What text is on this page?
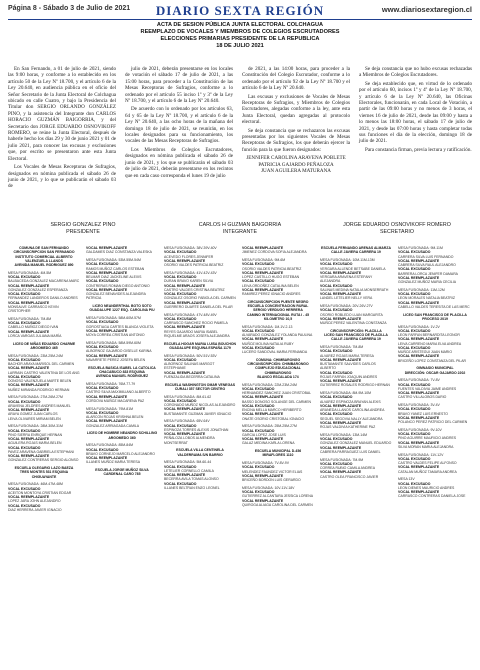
Página 8 - Sábado 3 de Julio de 2021	DIARIO SEXTA REGIÓN	www.diariosextaregion.cl
ACTA DE SESION PÚBLICA JUNTA ELECTORAL COLCHAGUA
REEMPLAZO DE VOCALES Y MIEMBROS DE COLEGIOS ESCRUTADORES
ELECCIONES PRIMARIAS PRESIDENTE DE LA REPUBLICA
18 DE JULIO 2021

En San Fernando, a 01 de julio de 2021, siendo las 9:00 horas, y conforme a lo establecido en los artículo 50 de la Ley Nº 18.700, y el artículo 6 de la Ley 20.640, en audiencia pública en el oficio del Señor Secretario de la Junta Electoral de Colchagua ubicado en calle Cuatro, y bajo la Presidencia del Titular don SERGIO ORLANDO GONZÁLEZ PINO, y la asistencia del Integrante don CARLOS HORACIO GUZMÁN BAIGORRIA, y del Secretario don JORGE EDUARDO OSNOVIKOFF ROMERO, se reúne la Junta Electoral, después de haberle hecho los días 29 y 30 de junio 2021 y 01 de julio 2021, para conocer las excusas y exclusiones que, por escrito se presentaron ante esta Junta Electoral.

Los Vocales de Mesas Receptoras de Sufragios, designados en nómina publicada el sábado 26 de junio de 2021, y lo que se publicarán el sábado 03 de

julio de 2021, deberán presentarse en los locales de votación el sábado 17 de julio de 2021, a las 15:00 horas, para proceder a la Constitución de las Mesas Receptoras de Sufragios, conforme a lo ordenado por el artículo 55 inciso 1º y 3º de la Ley Nº 18.700, y el artículo 6 de la Ley Nº 20.640.

De acuerdo con lo ordenado por los artículos 63, 64 y 65 de la Ley Nº 18.700, y el artículo 6 de la Ley Nº 20.640, a las ocho horas de la mañana del domingo 18 de julio de 2021, se reunirán, en los locales designados para su funcionamiento, los vocales de las Mesas Receptoras de Sufragios.

Los Miembros de Colegios Escrutadores, designados en nómina publicada el sábado 26 de junio de 2021, y los que se publicarán el sábado 03 de julio de 2021, deberán presentarse en los recintos que en cada caso corresponda el lunes 19 de julio

de 2021, a las 14:00 horas, para proceder a la Constitución del Colegio Escrutador, conforme a lo ordenado por el artículo 92 de la Ley Nº 18.700 y el artículo 6 de la Ley Nº 20.640.

Las excusas y exclusiones de Vocales de Mesas Receptoras de Sufragios, y Miembros de Colegios Escrutadores, alegadas conforme a la ley, ante esta Junta Electoral, quedan agregadas al protocolo electoral.

Se deja constancia que se rechazaron las excusas presentadas por los siguientes Vocales de Mesas Receptoras de Sufragios, los que deberán ejercer la función para la que fueron designados:

JENNIFER CAROLINA ARAVENA POBLETE

PATRICIA GAJARDO PEÑALOZA

JUAN AGUILERA MATURANA

Se deja constancia que no hubo excusas rechazadas a Miembros de Colegios Escrutadores.

Se deja establecido que, en virtud de lo ordenado por el artículo 60, incisos 1º y 4º de la Ley Nº 18.700, y artículo 6 de la Ley Nº 20.640, las Oficinas Electorales, funcionarán, en cada Local de Votación, a partir de las 09:00 horas y no menos de 3 horas, el viernes 16 de julio de 2021, desde las 09:00 y hasta a lo menos las 18:00 horas, el sábado 17 de julio de 2021, y desde las 07:00 horas y hasta completar todas sus funciones el día de la elección, domingo 18 de julio de 2021.

Para constancia firman, previa lectura y ratificación.

SERGIO GONZALEZ PINO
PRESIDENTE
CARLOS H GUZMAN BAIGORRIA
INTEGRANTE
JORGE EDUARDO OSNOVIKOFF ROMERO
SECRETARIO
COMUNA DE SAN FERNANDO
CIRCUNSCRIPCION SAN FERNANDO
INSTITUTO COMERCIAL ALBERTO VALENZUELA LLANOS
AVENIDA MANUEL RODRIGUEZ 890
MESA FUSIONADA: 4M-5M
VOCAL EXCUSADO
BALBACEDA GONZALEZ MACARENA MARC
VOCAL REEMPLAZANTE
GONZALEZ GONZALEZ ESPERANZA
VOCAL EXCUSADO
FERNANDEZ LANDEROS DANILO ANDRES
VOCAL REEMPLAZANTE
MONSALVE CARRASCO KEVIN CRISTOPHER
MESA FUSIONADA: 7M-8M
VOCAL EXCUSADO
CABELLO MUÑOZ DIEGO IVAN
VOCAL REEMPLAZANTE
LORCA VARGAS JULIANA MARÍA
LICEO DE NIÑAS EDUARDO CHARME
ARGOMEDO 465
MESA FUSIONADA: 23M-25M-24M
VOCAL EXCUSADO
BACHOR ARAYA MARISOL DEL CARMEN
VOCAL REEMPLAZANTE
LARRAIN CASTRO VALENTINA DE LOS ANG
VOCAL EXCUSADO
DONOSO VALENZUELA MARTE BELEN
VOCAL REEMPLAZANTE
NUÑEZ MIRANDA RODRIGO HERNAN
MESA FUSIONADA: 27M-26M-27M
VOCAL EXCUSADO
ARAVENA JELDRES ANDRES MANUEL
VOCAL REEMPLAZANTE
ARAYA GOMEZ JUAN CARLOS
LEIVA OLIVARES MIRIAM BELEN
MESA FUSIONADA: 28M-30M-31M
VOCAL EXCUSADO
PINO SIERRA ENRIQUE HERNAN
VOCAL REEMPLAZANTE
AGUILERA ROJAS MARIA BELEN
VOCAL EXCUSADO
PAVEZ ARAVENA GABRIELA ESTEPHANI
VOCAL REEMPLAZANTE
GONZALEZ CONTRERAS SERGIO ALONSO
ESCUELA OLEGARIO LAZO BAEZA
TRES MONTES 531 ESQUINA CHIGUAYANTE
MESA FUSIONADA: 46M-47M-48M
VOCAL EXCUSADO
ACEITON MONTOYA CRISTIAN EDGAR
VOCAL REEMPLAZANTE
LOPEZ JARA JOHN ALEJANDRO
VOCAL EXCUSADO
DIAZ HERRERA JAVIER IGNACIO
VOCAL REEMPLAZANTE
GALDAMES DIAZ CONSTANZA VALESKA
MESA FUSIONADA: 53M-55M-54M
VOCAL EXCUSADO
RAMOS MUÑOZ CARLOS ESTEBAN
VOCAL REEMPLAZANTE
BELMAR DIAZ JACKELINE ALEXIS
VOCAL EXCUSADO
CONTRERAS ROMAN DIEGO ANTONIO
VOCAL REEMPLAZANTE
GONZALEZ BENAVIDES ALEJANDRA PATRICIA
LICEO NEANDERTHAL BOTO SOTO
GUADALUPE 1227 ESQ. CAROLINA PIU
MESA FUSIONADA: 58M-60M-57M
VOCAL EXCUSADO
GOROSTIAGA CARTES BLANCA VIOLETA
VOCAL REEMPLAZANTE
MOYA CORREA CRISTIAN ANTONIO
MESA FUSIONADA: 58M-59M-60M
VOCAL EXCUSADO
ALBORNOZ GAJARDO GISELLE KARINA
VOCAL REEMPLAZANTE
NAVARRETE PEREZ JOSEFA BELEN
ESCUELA BASICA ISABEL LA CATOLICA
CHACABUCO 833 ESQUINA
AVENIDA MANUEL RODRIGUEZ
MESA FUSIONADA: 76M-77-79
VOCAL EXCUSADO
CASTRO SILVA MAXIMILIANO ALBERTO
VOCAL REEMPLAZANTE
CORDOVA MUÑOZ MACARENA PAZ
MESA FUSIONADA: 79M-81M
VOCAL EXCUSADO
ALARCON ROJAS KRISHNA BELEN
VOCAL REEMPLAZANTE
GONZALEZ ARRIAGADA CAMILA
LICEO DE HOMBRE NEANDRO SCHILLING
ARGOMEDO 360
MESA FUSIONADA: 85M-84M
VOCAL EXCUSADO
BRAVO CORNEJO MARCELO ALEJANDRO
VOCAL REEMPLAZANTE
ILLANES MUÑOZ MARIA TERESA
ESCUELA JORGE MUÑOZ SILVA
CARDENAL CARO 785
MESA FUSIONADA: 38V-39V-40V
VOCAL EXCUSADO
ACEVEDO FLORES JENNIFER
VOCAL REEMPLAZANTE
OSORIO VALDES PATRICIA BEATRIZ
MESA FUSIONADA: 41V-42V-43V
VOCAL EXCUSADO
DURAN BRAVO KAREN SILVIA
VOCAL REEMPLAZANTE
CASTRO VALDES CRISTINA BEATRIZ
VOCAL EXCUSADO
GONZALEZ OSORIO FABIOLA DEL CARMEN
VOCAL REEMPLAZANTE
GUERRERO DUARTE DANIELA DEL PILAR
MESA FUSIONADA: 47V-48V-49V
VOCAL EXCUSADO
CARRASCO SANCHEZ ROCIO PAMELA
VOCAL REEMPLAZANTE
REYES GAJARDO MARIA ISABEL
RIQUELME ARAOS JOSEFA ALEJANDRA
ESCUELA HOGAR MARIA LUISA BOUCHON
GUADALUPE ESQUINA ESPAÑA 1179
MESA FUSIONADA: 50V-51V-53V
VOCAL EXCUSADO
ALBORNOZ SALINAS MARGOT ESTEPHANIE
VOCAL REEMPLAZANTE
FUENZALIDA BECERRA CATALINA
ESCUELA WASHINGTON OMAR VENEGAS
CURALI 357 SECTOR CENTRO
MESA FUSIONADA: 8M-61-62
VOCAL EXCUSADO
CORONADO MUÑOZ NICOLAS ALEJANDRO
VOCAL REEMPLAZANTE
BUSTAMANTE GUZMAN JAVIER IGNACIO
MESA FUSIONADA: 65V-64V
VOCAL EXCUSADO
ESPINOZA TORRES ALEXIS JONATHAN
VOCAL REEMPLAZANTE
PEÑALOZA LOBOS ALMENDRA MONTSERRAT
ESCUELA VILLA CENTINELA
VALDERRAMA S/N BARRIO
MESA FUSIONADA: 5M-60-44
VOCAL EXCUSADO
LETELIER CORNELLO CAMILA
VOCAL REEMPLAZANTE
BECERRA AVILA TOMAS ALONSO
VOCAL EXCUSADO
ILLANES BELTRAN ENZO LEONEL
VOCAL REEMPLAZANTE
JIMENEZ CORDOVA SOFIA ALEJANDRA
MESA FUSIONADA: 9M-6M
VOCAL EXCUSADO
OSORIO VALDES PATRICIA BEATRIZ
VOCAL REEMPLAZANTE
LOPEZ CASTILLO HUGO ESTEBAN
VOCAL EXCUSADO
LEIVA ORDOÑEZ CATALINA BELEN
VOCAL REEMPLAZANTE
RAMIREZ PEREZ IGNACIO ANDRES
CIRCUNSCRIPCION PUENTE NEGRO
ESCUELA CONCENTRACION RURAL
SERGIO VERDUGO HERRERA
CAMINO INTERNACIONAL RUTA I - 45
KILOMETRO 10,5
MESA FUSIONADA: 1M-1V-2-13
VOCAL EXCUSADO
ALVARADO GONZALEZ YOLANDA PAULINA
VOCAL REEMPLAZANTE
MUÑOZ MOLINA NATALIA RUBY
VOCAL EXCUSADO
LUCERO SANDOVAL MARIA FERNANDA
COMUNA: CHIMBARONGO
CIRCUNSCRIPCIÓN: CHIMBARONGO
COMPLEJO EDUCACIONAL CHIMBARONGO
BLANCO ESCALADA 174
MESA FUSIONADA: 22M-23M-24M
VOCAL EXCUSADO
HERNANDEZ SANCHEZ JUAN CRISTOBAL
VOCAL REEMPLAZANTE
BASSO DONOSO SOLANGE DEL CARMEN
VOCAL EXCUSADO
ENCINA MELLA MARCO HERIBERTO
VOCAL REEMPLAZANTE
ONATE OSORIO CRISTOBAL IGNACIO
MESA FUSIONADA: 25M-25M-27M
VOCAL EXCUSADO
GARCIA LOPEZ JOSE LUIS
VOCAL REEMPLAZANTE
GALAZ MEDINA KARLA LORENA
ESCUELA MUNICIPAL D-456
MIRAFLORES 1110
MESA FUSIONADA: 7V-8V-9V
VOCAL EXCUSADO
MELENDEZ FAUNDEZ VICTOR ELIAS
VOCAL REEMPLAZANTE
BRICEÑO BORDON LUIS GERARDO
MESA FUSIONADA: 10V-11V-18V
VOCAL EXCUSADO
GUTIERREZ ALCANTARA JESSICA LORENA
VOCAL REEMPLAZANTE
QUIROGA ALIAGA CAROLINA DEL CARMEN
ESCUELA FERNANDO ARENAS ALMARZA
CALLE JAVIERA CARRERA 19
MESA FUSIONADA: 10M-11M-13M
VOCAL EXCUSADO
VERGARA ALLENDE BETSABE DANIELA
VOCAL REEMPLAZANTE
VERGARA ARAVENA ESTEFANY ALEJANDRA
VOCAL EXCUSADO
SALINAS MEDINA NATALIA MONSERRATH
VOCAL REEMPLAZANTE
LANDEL LETELIER NELLY VERA
MESA FUSIONADA: 20V-26V-27V
VOCAL EXCUSADO
OSORIO ROBLEDO LUAN MARGARITA
VOCAL REEMPLAZANTE
MUÑOZ PEREZ VALENTINA CONSTANZA
CIRCUNSCRIPCIÓN: PLACILLA
LICEO SAN FRANCISCO DE PLACILLA
CALLE JAVIERA CARRERA 19
MESA FUSIONADA: 7M-8M
VOCAL EXCUSADO
ALVAREZ ROJAS MARIA TERESA
VOCAL REEMPLAZANTE
BUSTAMANTE SALVIDES CARLOS ALBERTO
VOCAL EXCUSADO
ROJAS FARFAN JOAQUIN ANDRES
VOCAL REEMPLAZANTE
GUTIERREZ ROSALES RODRIGO HERNAN
MESA FUSIONADA: 8M-9M-10M
VOCAL EXCUSADO
ALVAREZ ESPINOZA BRAYAN ALEXIS
VOCAL REEMPLAZANTE
ARANEDA LLANOS CAROLINA ANDREA
VOCAL EXCUSADO
SEGUEL SEGOVIA NALLY ALEJANDRA
VOCAL REEMPLAZANTE
ROJAS VALDIVIA KATHERINE PAZ
MESA FUSIONADA: 13M-14M
VOCAL EXCUSADO
GONZALEZ GONZALEZ MANUEL EDUARDO
VOCAL REEMPLAZANTE
CABRERA PARRAGUEZ LUIS DANIEL
MESA FUSIONADA: 7M-9M
VOCAL EXCUSADO
CORREA RUBIO CAMILA ANDREA
VOCAL REEMPLAZANTE
CASTRO OLEA FRANCISCO JAVIER
MESA FUSIONADA: 9M-11M
VOCAL EXCUSADO
CARRERA SILVA LUIS FERNANDO
VOCAL REEMPLAZANTE
CABRERA SILVA RAUL ALEJANDRO
VOCAL EXCUSADO
BARRERA LORCA JENIFER DAMARA
VOCAL REEMPLAZANTE
GONZALEZ MUÑOZ MARIA CECILIA
MESA FUSIONADA: 11M-12M
VOCAL EXCUSADO
LEON MORALES NATALIA BEATRIZ
VOCAL REEMPLAZANTE
CABELLO VALDES TERESITA DE LAS MERC
LICEO SAN FRANCISCO DE PLACILLA
PROCESO 2019
MESA FUSIONADA: 1V-2V
VOCAL EXCUSADO
LEON FARFAN BERNARDITA LEONOR
VOCAL REEMPLAZANTE
LEIVA CARRENO MARIA ELVA ANDREA
VOCAL EXCUSADO
MUÑOZ ARISTEGUI JUAN MARIO
VOCAL REEMPLAZANTE
BRICEÑO LOPEZ CONSTANZA DEL PILAR
GIMNASIO MUNICIPAL
DIRECCIÓN: OSCAR GAJARDO 2202
MESA FUSIONADA: 7V-8V
VOCAL EXCUSADO
FUENTES VALDIVIA JAIME ANDRES
VOCAL REEMPLAZANTE
CASTRO VILLALOBOS DARIO
MESA FUSIONADA: 3V-4V
VOCAL EXCUSADO
BRAVO YANEZ LUIS ERNESTO
VOCAL REEMPLAZANTE
POLANCO PEREZ PATRICIO DEL CARMEN
MESA FUSIONADA: 9V-10V
VOCAL EXCUSADO
PINO AGUIRRE MAURICIO ANDRES
VOCAL REEMPLAZANTE
SILVA MORAN MARIA ALEJANDRA
MESA FUSIONADA: 11V-12V
VOCAL EXCUSADO
CASTRO VALDES FELIPE ALFONSO
VOCAL REEMPLAZANTE
CATALAN MUÑOZ TAMARA ANDREA
MESA 13V
VOCAL EXCUSADO
LEON DIENES MAURICIO ANDRES
VOCAL REEMPLAZANTE
CARRASCO CONTRERAS DANIELA JOSE
